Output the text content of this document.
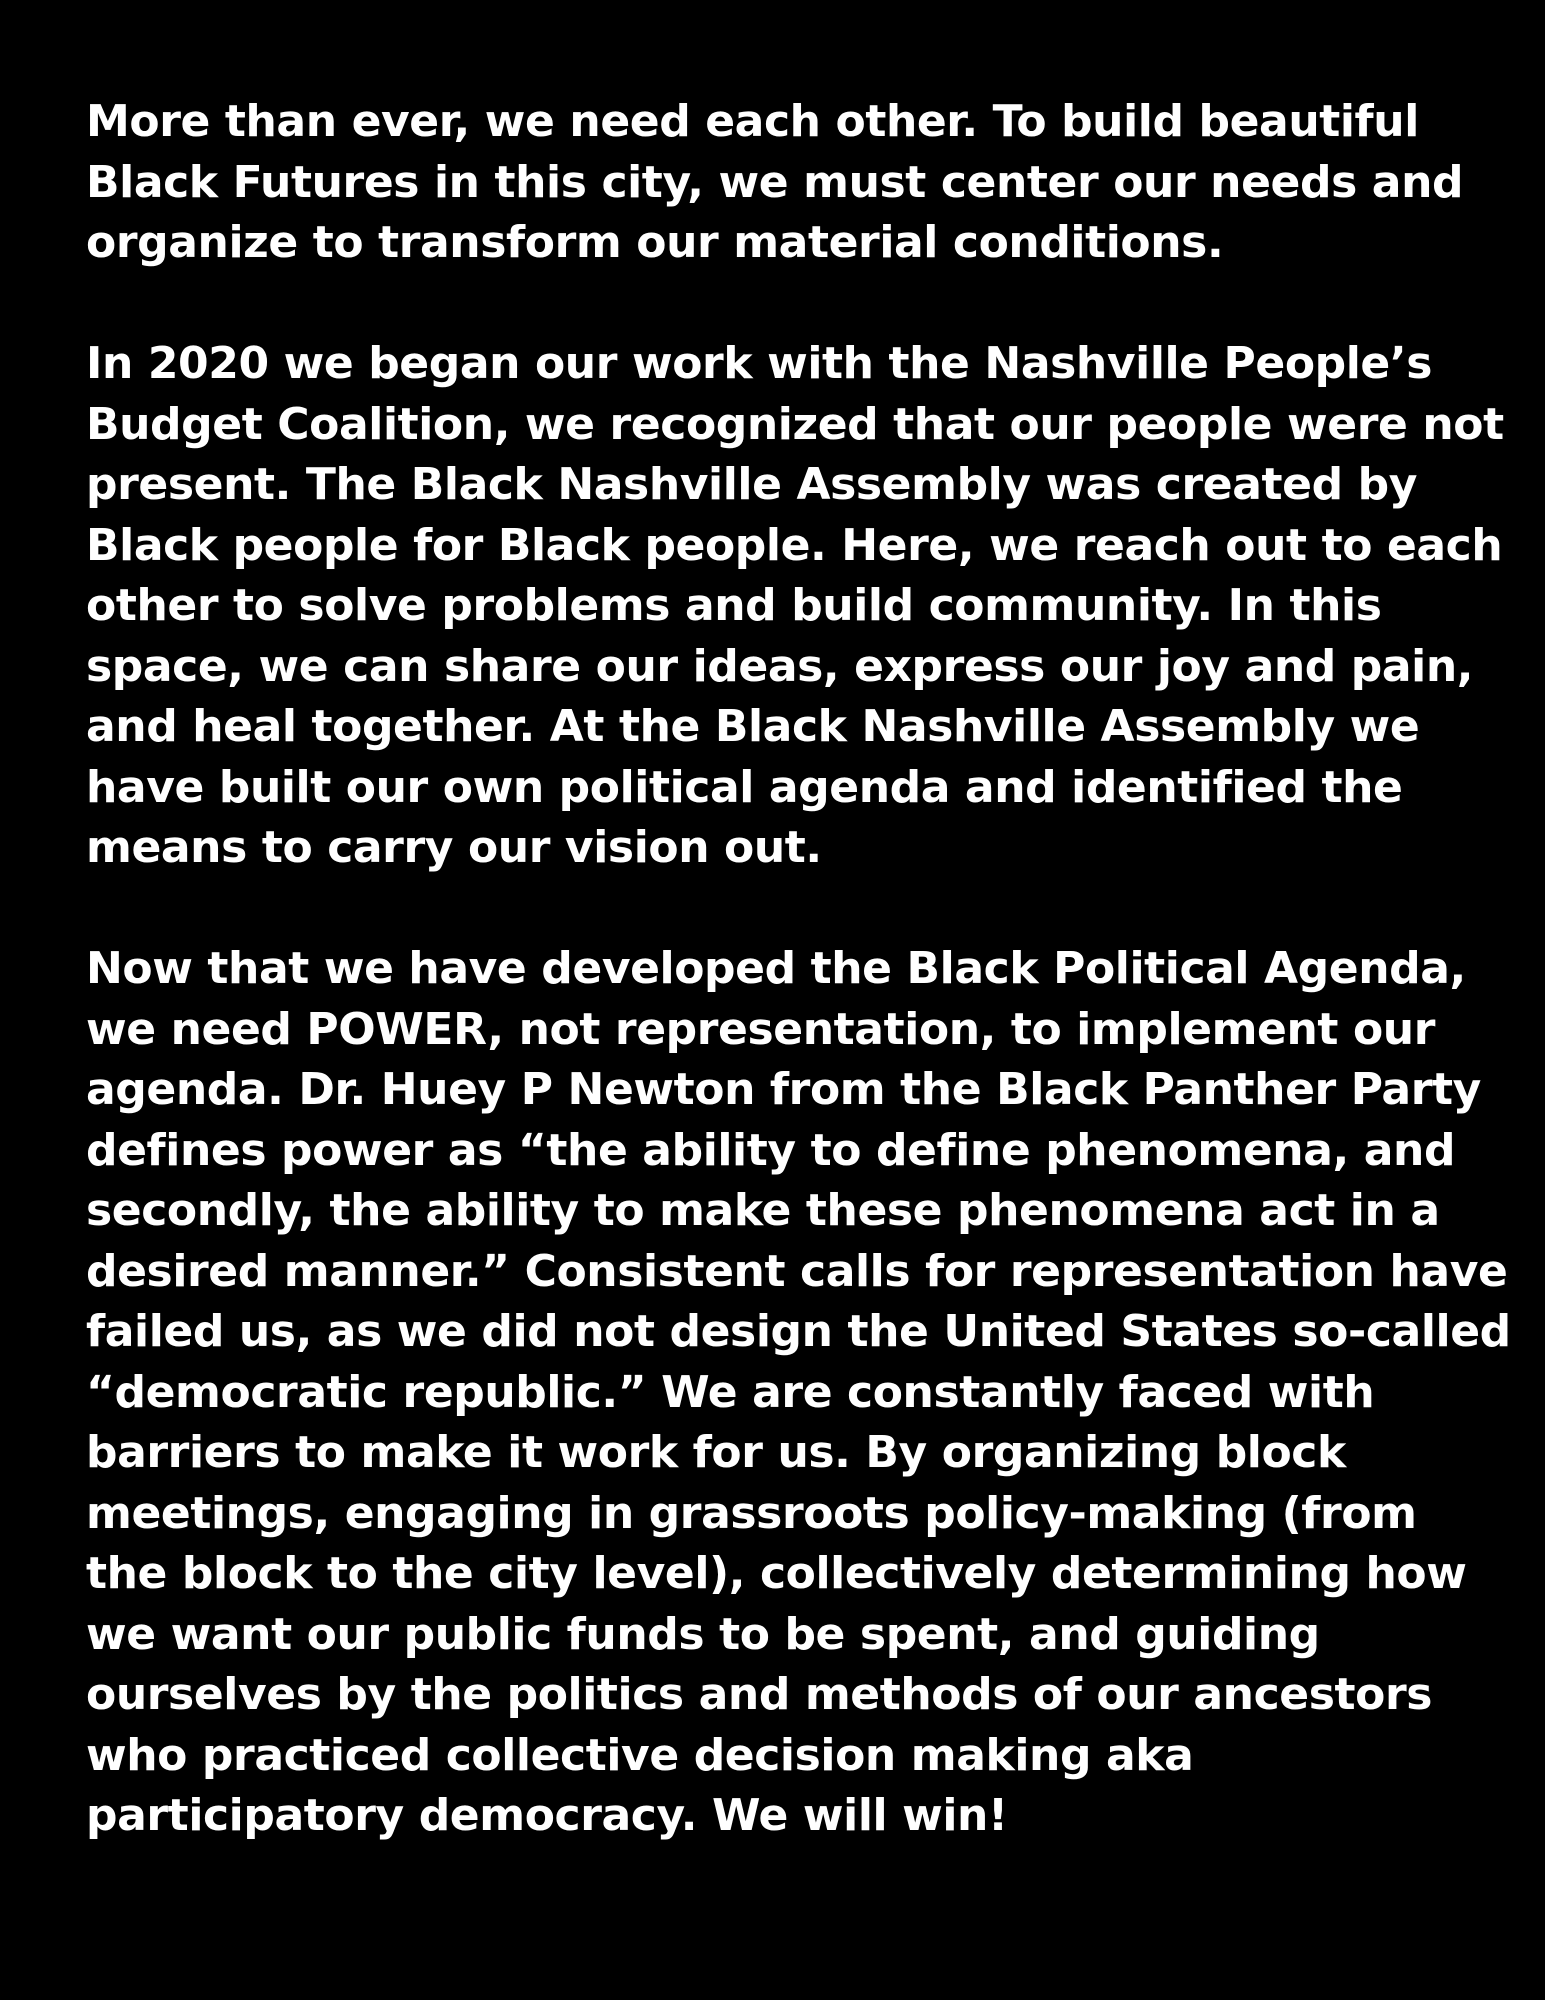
More than ever, we need each other. To build beautiful
Black Futures in this city, we must center our needs and
organize to transform our material conditions.
In 2020 we began our work with the Nashville People’s
Budget Coalition, we recognized that our people were not
present. The Black Nashville Assembly was created by
Black people for Black people. Here, we reach out to each
other to solve problems and build community. In this
space, we can share our ideas, express our joy and pain,
and heal together. At the Black Nashville Assembly we
have built our own political agenda and identified the
means to carry our vision out.
Now that we have developed the Black Political Agenda,
we need POWER, not representation, to implement our
agenda. Dr. Huey P Newton from the Black Panther Party
defines power as “the ability to define phenomena, and
secondly, the ability to make these phenomena act in a
desired manner.” Consistent calls for representation have
failed us, as we did not design the United States so-called
“democratic republic.” We are constantly faced with
barriers to make it work for us. By organizing block
meetings, engaging in grassroots policy-making (from
the block to the city level), collectively determining how
we want our public funds to be spent, and guiding
ourselves by the politics and methods of our ancestors
who practiced collective decision making aka
participatory democracy. We will win!
